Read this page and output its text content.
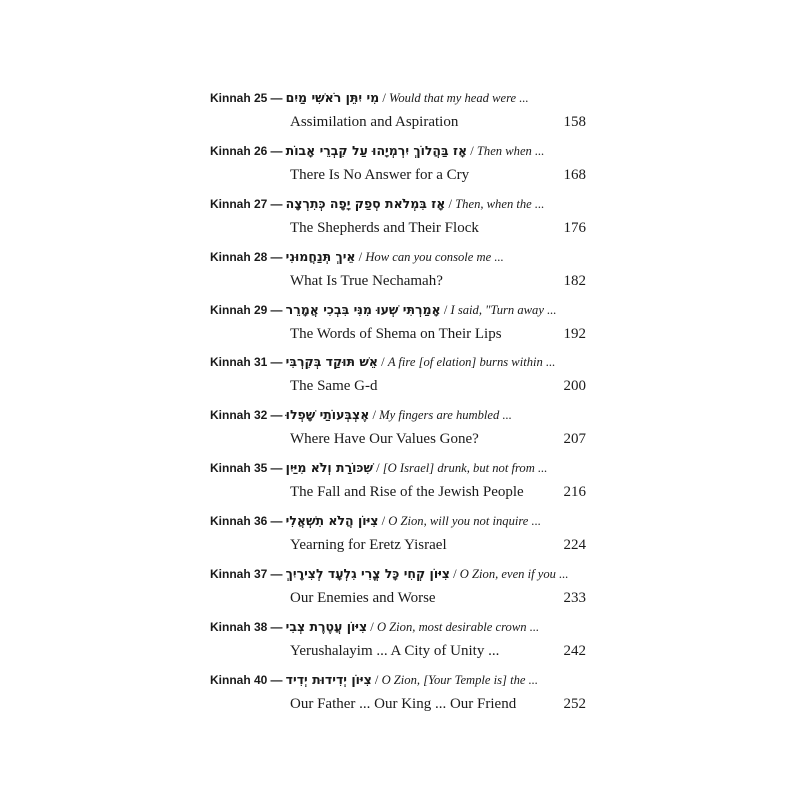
Kinnah 25 — מִי יִתֵּן רֹאשִׁי מַיִם / Would that my head were ...
Assimilation and Aspiration	158
Kinnah 26 — אָז בַּהֲלוֹךְ יִרְמְיָהוּ עַל קִבְרֵי אָבוֹת / Then when ...
There Is No Answer for a Cry	168
Kinnah 27 — אָז בִּמְלֹאת סְפַק יָפָה כְּתִרְצָה / Then, when the ...
The Shepherds and Their Flock	176
Kinnah 28 — אֵיךְ תְּנַחֲמוּנִי / How can you console me ...
What Is True Nechamah?	182
Kinnah 29 — אָמַרְתִּי שְׁעוּ מִנִּי בִּבְכִי אֲמָרֵר / I said, "Turn away ...
The Words of Shema on Their Lips	192
Kinnah 31 — אֵשׁ תּוּקַד בְּקִרְבִּי / A fire [of elation] burns within ...
The Same G-d	200
Kinnah 32 — אֶצְבְּעוֹתַי שָׁפְלוּ / My fingers are humbled ...
Where Have Our Values Gone?	207
Kinnah 35 — שִׁכּוֹרַת וְלֹא מִיַּיִן / [O Israel] drunk, but not from ...
The Fall and Rise of the Jewish People	216
Kinnah 36 — צִיּוֹן הֲלֹא תִשְׁאֲלִי / O Zion, will you not inquire ...
Yearning for Eretz Yisrael	224
Kinnah 37 — צִיּוֹן קְחִי כָּל צֳרִי גִלְעָד לְצִירָיִךְ / O Zion, even if you ...
Our Enemies and Worse	233
Kinnah 38 — צִיּוֹן עֲטֶרֶת צְבִי / O Zion, most desirable crown ...
Yerushalayim ... A City of Unity ...	242
Kinnah 40 — צִיּוֹן יְדִידוּת יְדִיד / O Zion, [Your Temple is] the ...
Our Father ... Our King ... Our Friend	252
